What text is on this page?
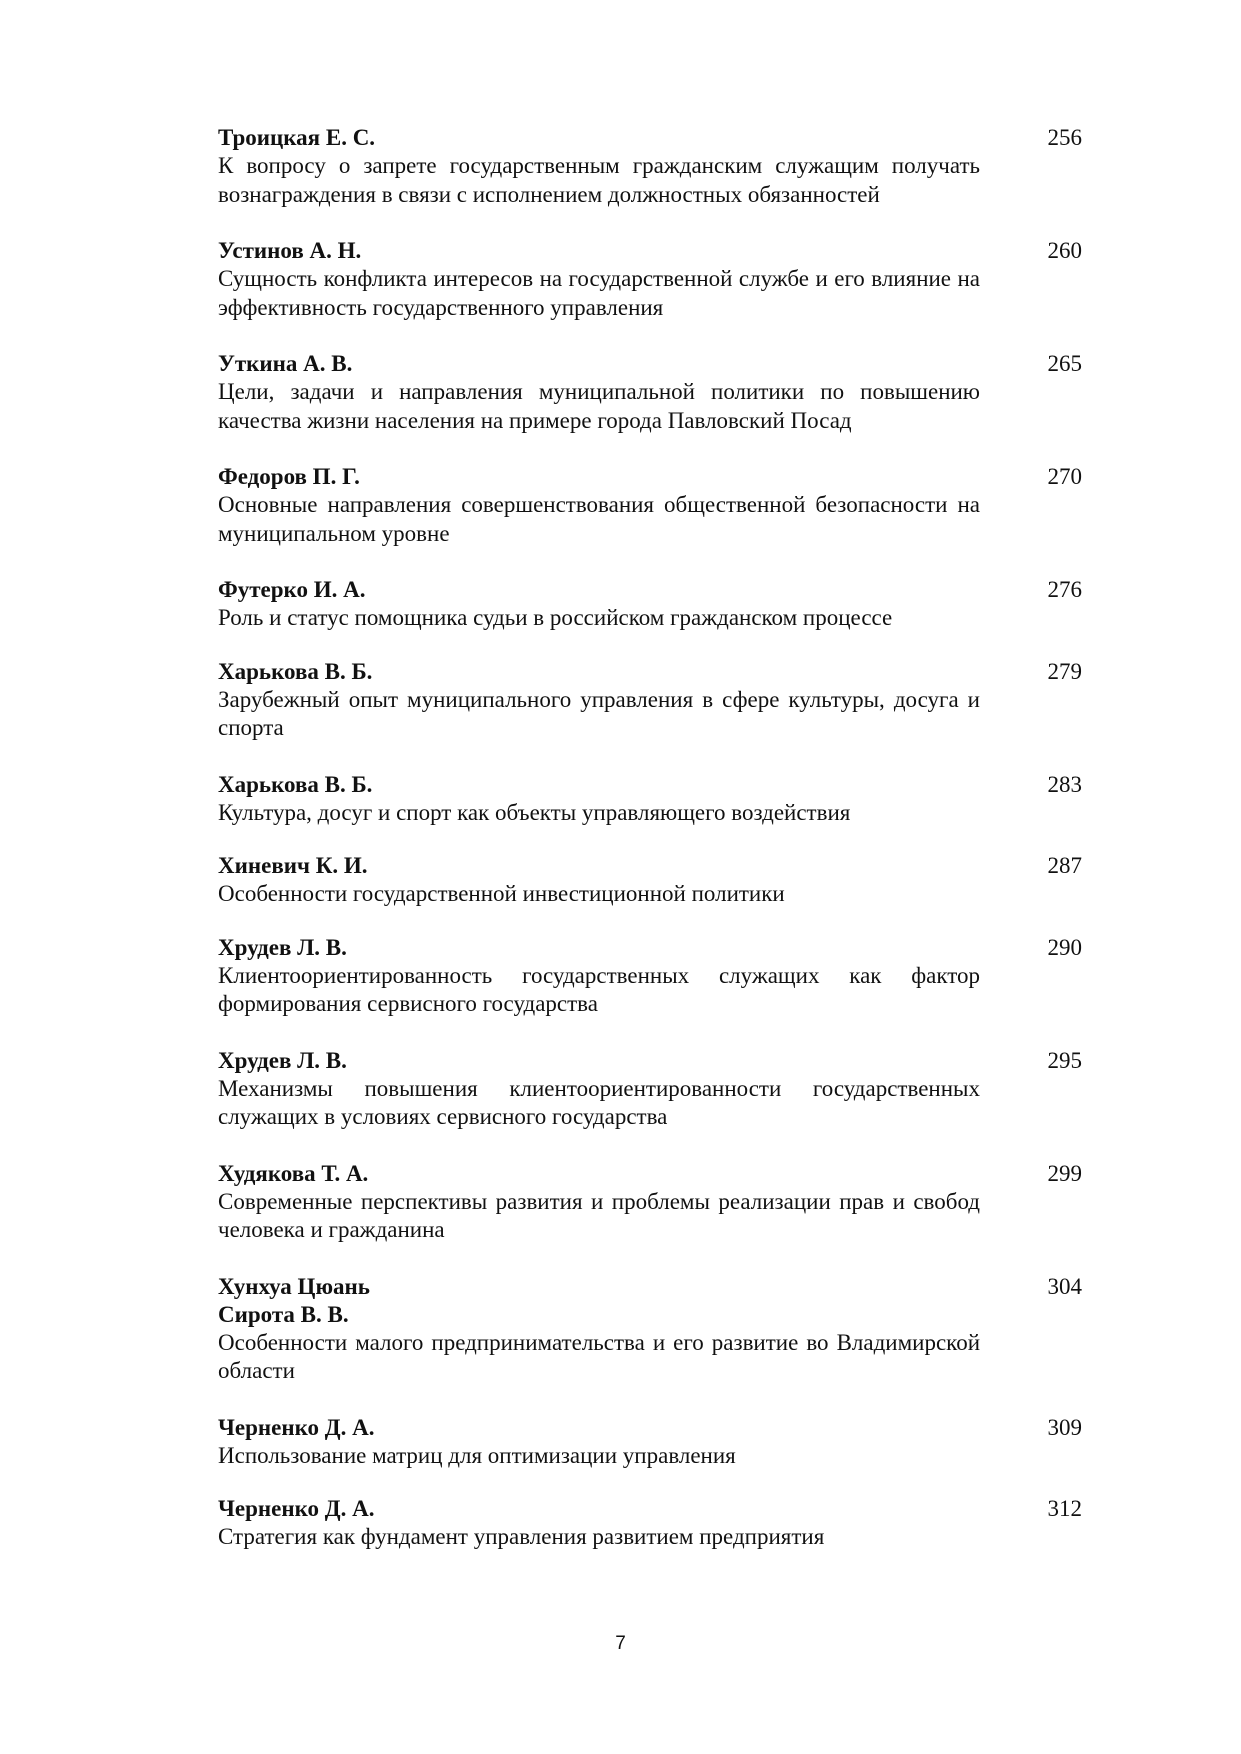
Троицкая Е. С.
К вопросу о запрете государственным гражданским служащим получать вознаграждения в связи с исполнением должностных обязанностей
256
Устинов А. Н.
Сущность конфликта интересов на государственной службе и его влияние на эффективность государственного управления
260
Уткина А. В.
Цели, задачи и направления муниципальной политики по повышению качества жизни населения на примере города Павловский Посад
265
Федоров П. Г.
Основные направления совершенствования общественной безопасности на муниципальном уровне
270
Футерко И. А.
Роль и статус помощника судьи в российском гражданском процессе
276
Харькова В. Б.
Зарубежный опыт муниципального управления в сфере культуры, досуга и спорта
279
Харькова В. Б.
Культура, досуг и спорт как объекты управляющего воздействия
283
Хиневич К. И.
Особенности государственной инвестиционной политики
287
Хрудев Л. В.
Клиентоориентированность государственных служащих как фактор формирования сервисного государства
290
Хрудев Л. В.
Механизмы повышения клиентоориентированности государственных служащих в условиях сервисного государства
295
Худякова Т. А.
Современные перспективы развития и проблемы реализации прав и свобод человека и гражданина
299
Хунхуа Цюань
Сирота В. В.
Особенности малого предпринимательства и его развитие во Владимирской области
304
Черненко Д. А.
Использование матриц для оптимизации управления
309
Черненко Д. А.
Стратегия как фундамент управления развитием предприятия
312
7
